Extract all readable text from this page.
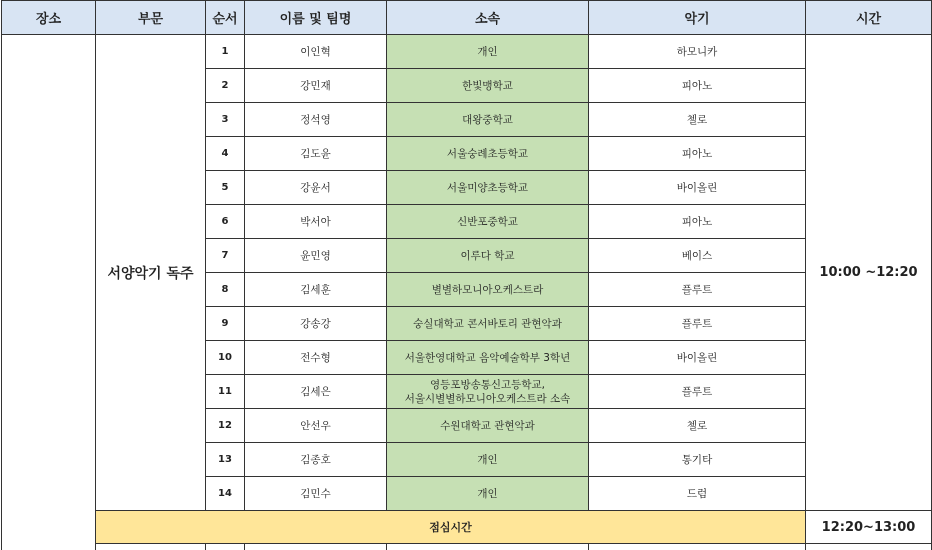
장소	부문	순서	이름 및 팀명	소속	악기	시간
	서양악기 독주	1	이인혁	개인	하모니카	10:00 ~12:20
		2	강민재	한빛맹학교	피아노	
		3	정석영	대왕중학교	첼로	
		4	김도윤	서울숭례초등학교	피아노	
		5	강윤서	서울미양초등학교	바이올린	
		6	박서아	신반포중학교	피아노	
		7	윤민영	이루다 학교	베이스	
		8	김세훈	별별하모니아오케스트라	플루트	
		9	강송강	숭실대학교 콘서바토리 관현악과	플루트	
		10	전수형	서울한영대학교 음악예술학부 3학년	바이올린	
		11	김세은	영등포방송통신고등학교,
서울시별별하모니아오케스트라 소속	플루트	
		12	안선우	수원대학교 관현악과	첼로	
		13	김종호	개인	통기타	
		14	김민수	개인	드럼	
	점심시간					12:20~13:00
